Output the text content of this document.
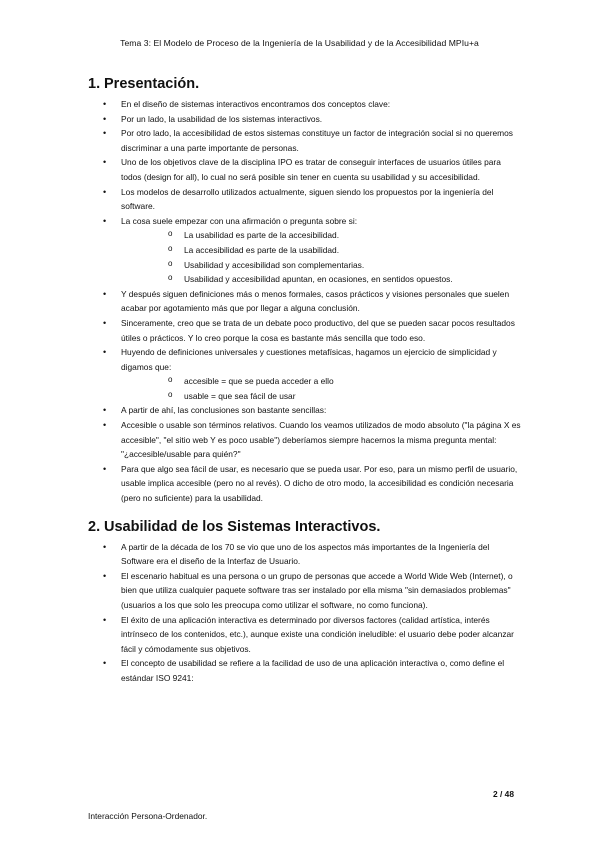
Tema 3: El Modelo de Proceso de la Ingeniería de la Usabilidad y de la Accesibilidad MPIu+a
1. Presentación.
• En el diseño de sistemas interactivos encontramos dos conceptos clave:
• Por un lado, la usabilidad de los sistemas interactivos.
• Por otro lado, la accesibilidad de estos sistemas constituye un factor de integración social si no queremos discriminar a una parte importante de personas.
• Uno de los objetivos clave de la disciplina IPO es tratar de conseguir interfaces de usuarios útiles para todos (design for all), lo cual no será posible sin tener en cuenta su usabilidad y su accesibilidad.
• Los modelos de desarrollo utilizados actualmente, siguen siendo los propuestos por la ingeniería del software.
• La cosa suele empezar con una afirmación o pregunta sobre si:
o La usabilidad es parte de la accesibilidad.
o La accesibilidad es parte de la usabilidad.
o Usabilidad y accesibilidad son complementarias.
o Usabilidad y accesibilidad apuntan, en ocasiones, en sentidos opuestos.
• Y después siguen definiciones más o menos formales, casos prácticos y visiones personales que suelen acabar por agotamiento más que por llegar a alguna conclusión.
• Sinceramente, creo que se trata de un debate poco productivo, del que se pueden sacar pocos resultados útiles o prácticos. Y lo creo porque la cosa es bastante más sencilla que todo eso.
• Huyendo de definiciones universales y cuestiones metafísicas, hagamos un ejercicio de simplicidad y digamos que:
o accesible = que se pueda acceder a ello
o usable = que sea fácil de usar
• A partir de ahí, las conclusiones son bastante sencillas:
• Accesible o usable son términos relativos. Cuando los veamos utilizados de modo absoluto ("la página X es accesible", "el sitio web Y es poco usable") deberíamos siempre hacernos la misma pregunta mental: "¿accesible/usable para quién?"
• Para que algo sea fácil de usar, es necesario que se pueda usar. Por eso, para un mismo perfil de usuario, usable implica accesible (pero no al revés). O dicho de otro modo, la accesibilidad es condición necesaria (pero no suficiente) para la usabilidad.
2. Usabilidad de los Sistemas Interactivos.
• A partir de la década de los 70 se vio que uno de los aspectos más importantes de la Ingeniería del Software era el diseño de la Interfaz de Usuario.
• El escenario habitual es una persona o un grupo de personas que accede a World Wide Web (Internet), o bien que utiliza cualquier paquete software tras ser instalado por ella misma "sin demasiados problemas" (usuarios a los que solo les preocupa como utilizar el software, no como funciona).
• El éxito de una aplicación interactiva es determinado por diversos factores (calidad artística, interés intrínseco de los contenidos, etc.), aunque existe una condición ineludible: el usuario debe poder alcanzar fácil y cómodamente sus objetivos.
• El concepto de usabilidad se refiere a la facilidad de uso de una aplicación interactiva o, como define el estándar ISO 9241:
2 / 48
Interacción Persona-Ordenador.
